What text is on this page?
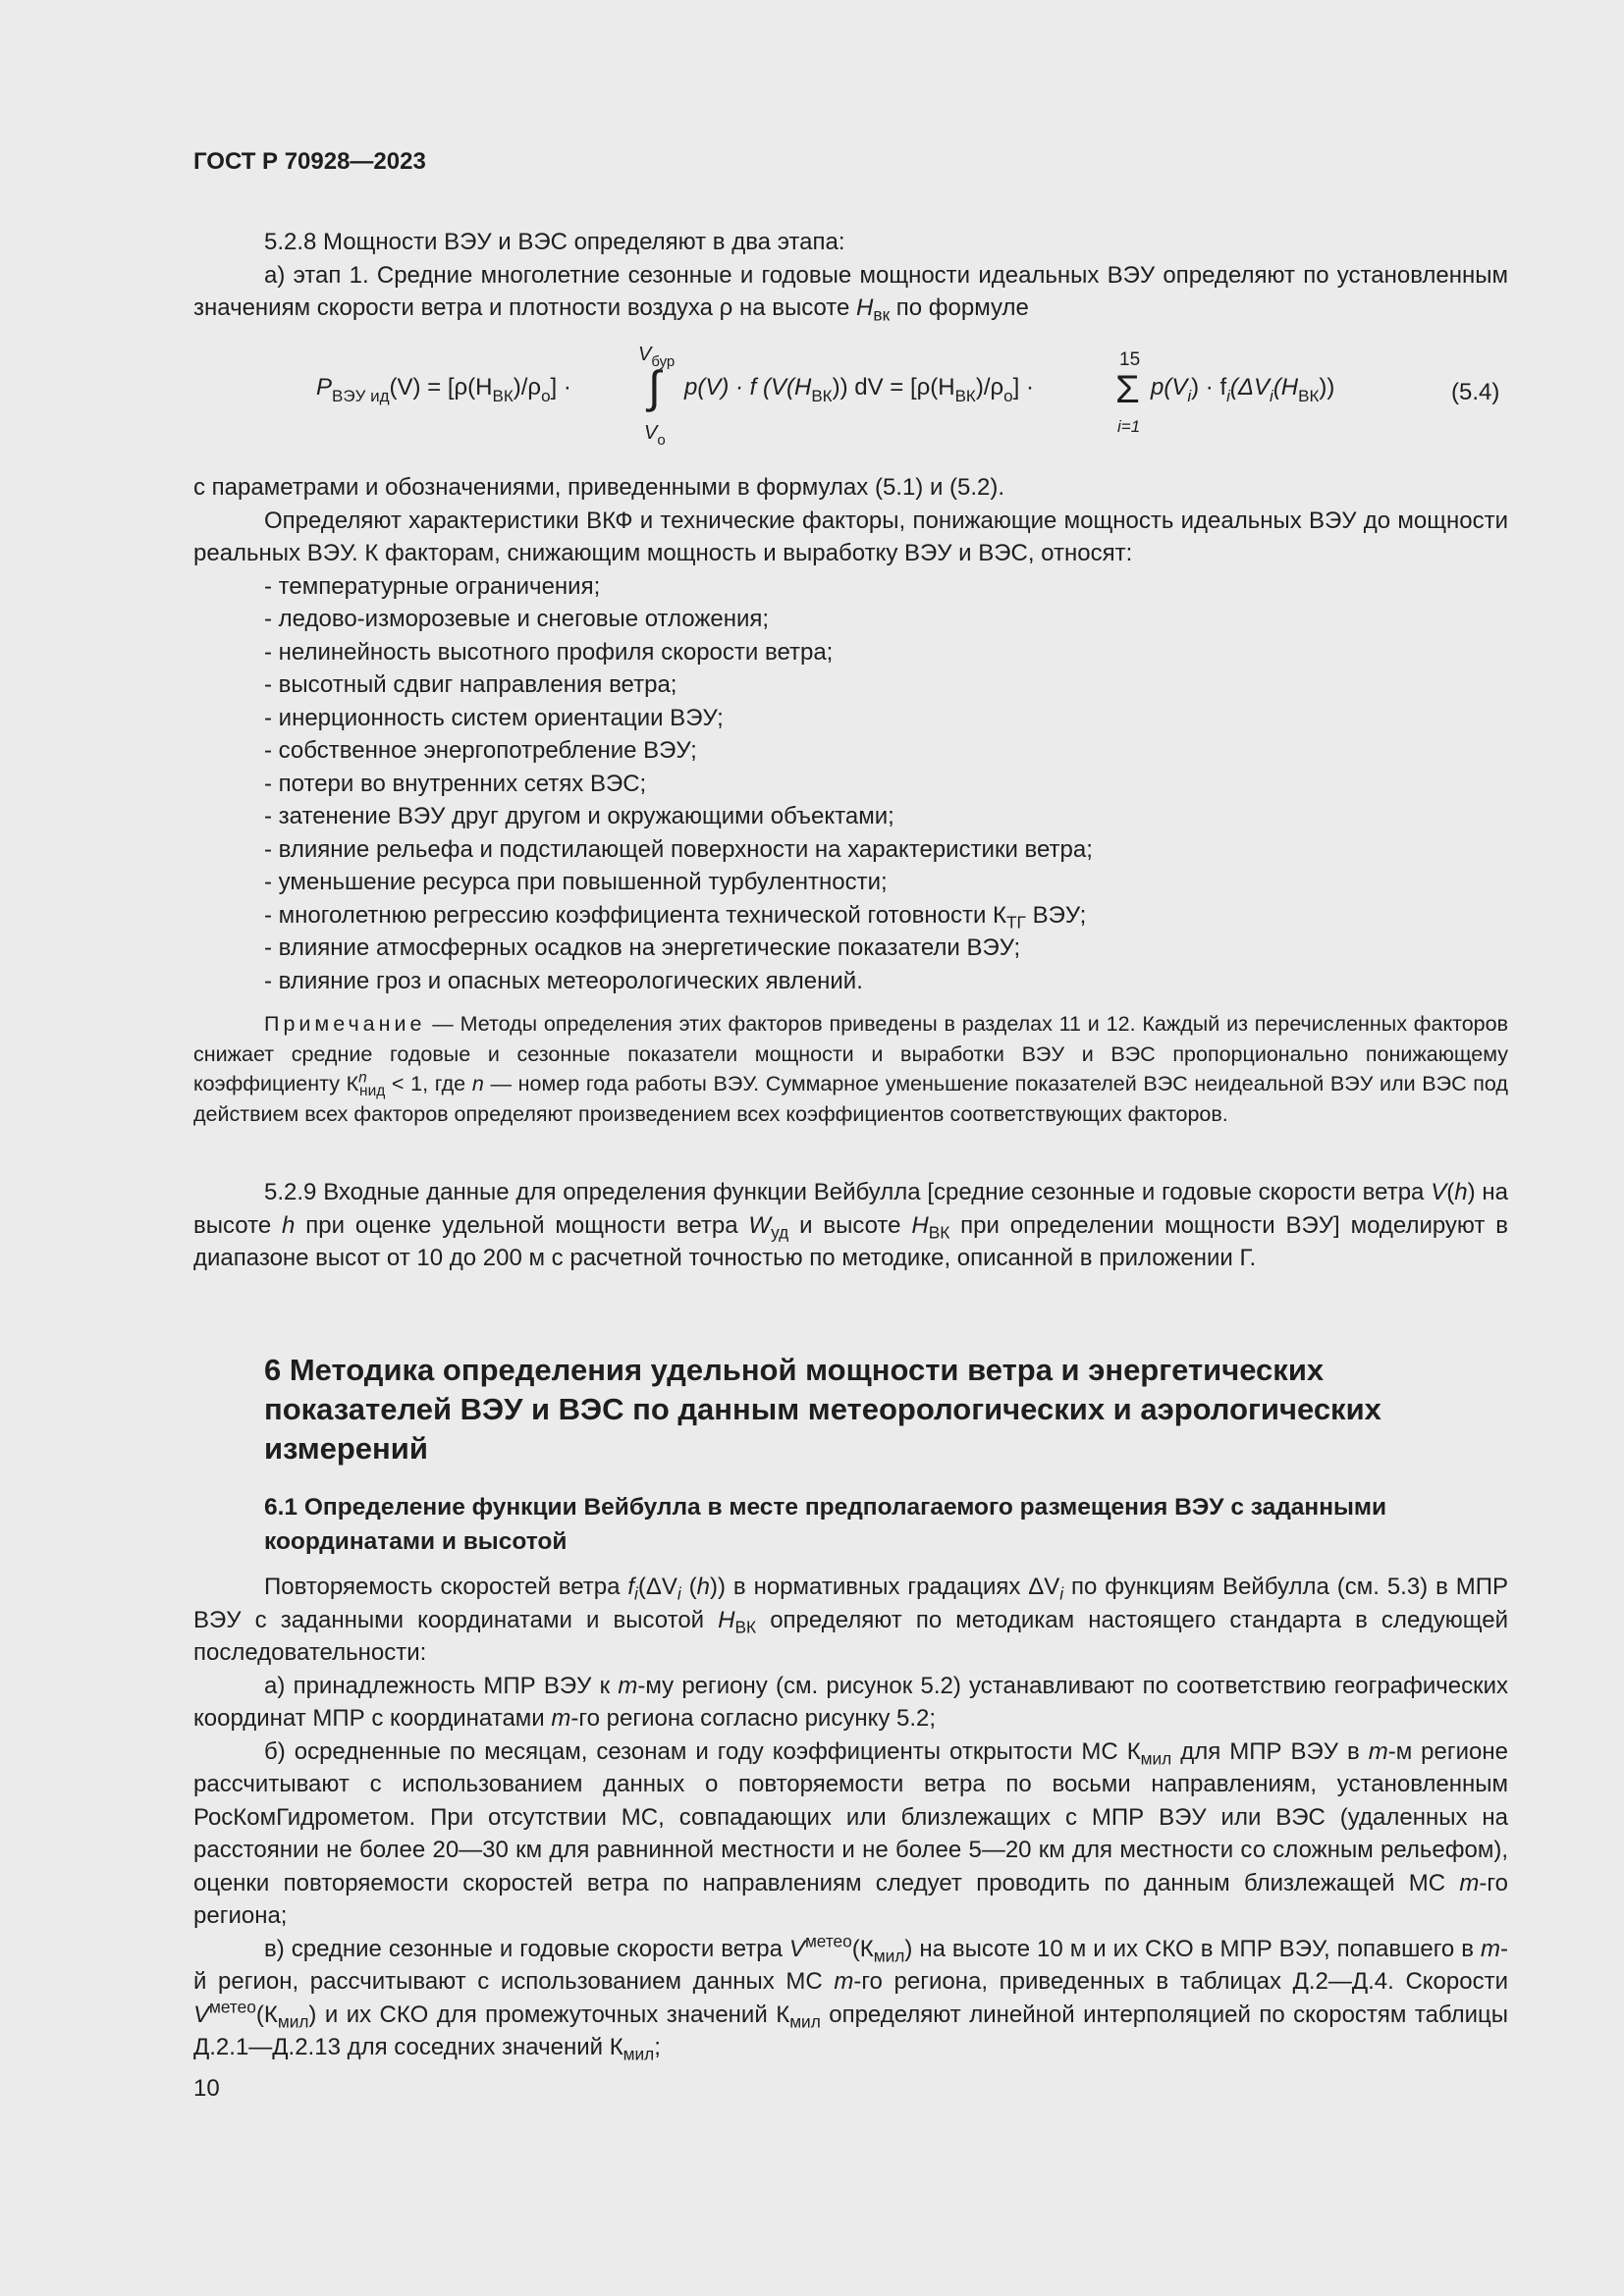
ГОСТ Р 70928—2023

5.2.8 Мощности ВЭУ и ВЭС определяют в два этапа:

а) этап 1. Средние многолетние сезонные и годовые мощности идеальных ВЭУ определяют по установленным значениям скорости ветра и плотности воздуха ρ на высоте $H_{вк}$ по формуле

$P_{ВЭУ ид}(V) = [\rho(H_{ВК})/\rho_о]$ ·
$V_{бур}$
∫
$V_о$
p(V) · f $(V(H_{ВК}))$ dV = $[\rho(H_{ВК})/\rho_о]$ ·
15
Σ
i=1
$p(V_i) \cdot f_i(\Delta V_i(H_{ВК}))$	(5.4)

с параметрами и обозначениями, приведенными в формулах (5.1) и (5.2).

Определяют характеристики ВКФ и технические факторы, понижающие мощность идеальных ВЭУ до мощности реальных ВЭУ. К факторам, снижающим мощность и выработку ВЭУ и ВЭС, относят:

- температурные ограничения;

- ледово-изморозевые и снеговые отложения;

- нелинейность высотного профиля скорости ветра;

- высотный сдвиг направления ветра;

- инерционность систем ориентации ВЭУ;

- собственное энергопотребление ВЭУ;

- потери во внутренних сетях ВЭС;

- затенение ВЭУ друг другом и окружающими объектами;

- влияние рельефа и подстилающей поверхности на характеристики ветра;

- уменьшение ресурса при повышенной турбулентности;

- многолетнюю регрессию коэффициента технической готовности $К_{ТГ}$ ВЭУ;

- влияние атмосферных осадков на энергетические показатели ВЭУ;

- влияние гроз и опасных метеорологических явлений.

Примечание — Методы определения этих факторов приведены в разделах 11 и 12. Каждый из перечисленных факторов снижает средние годовые и сезонные показатели мощности и выработки ВЭУ и ВЭС пропорционально понижающему коэффициенту $К^n_{нид} < 1$, где n — номер года работы ВЭУ. Суммарное уменьшение показателей ВЭС неидеальной ВЭУ или ВЭС под действием всех факторов определяют произведением всех коэффициентов соответствующих факторов.

5.2.9 Входные данные для определения функции Вейбулла [средние сезонные и годовые скорости ветра V(h) на высоте h при оценке удельной мощности ветра $W_{уд}$ и высоте $H_{ВК}$ при определении мощности ВЭУ] моделируют в диапазоне высот от 10 до 200 м с расчетной точностью по методике, описанной в приложении Г.

6 Методика определения удельной мощности ветра и энергетических показателей ВЭУ и ВЭС по данным метеорологических и аэрологических измерений
6.1 Определение функции Вейбулла в месте предполагаемого размещения ВЭУ с заданными координатами и высотой

Повторяемость скоростей ветра $f_i(\Delta V_i$ (h)) в нормативных градациях $\Delta V_i$ по функциям Вейбулла (см. 5.3) в МПР ВЭУ с заданными координатами и высотой $H_{ВК}$ определяют по методикам настоящего стандарта в следующей последовательности:

а) принадлежность МПР ВЭУ к m-му региону (см. рисунок 5.2) устанавливают по соответствию географических координат МПР с координатами m-го региона согласно рисунку 5.2;

б) осредненные по месяцам, сезонам и году коэффициенты открытости МС $К_{мил}$ для МПР ВЭУ в m-м регионе рассчитывают с использованием данных о повторяемости ветра по восьми направлениям, установленным РосКомГидрометом. При отсутствии МС, совпадающих или близлежащих с МПР ВЭУ или ВЭС (удаленных на расстоянии не более 20—30 км для равнинной местности и не более 5—20 км для местности со сложным рельефом), оценки повторяемости скоростей ветра по направлениям следует проводить по данным близлежащей МС m-го региона;

в) средние сезонные и годовые скорости ветра $V^{метео}(К_{мил})$ на высоте 10 м и их СКО в МПР ВЭУ, попавшего в m-й регион, рассчитывают с использованием данных МС m-го региона, приведенных в таблицах Д.2—Д.4. Скорости $V^{метео}(К_{мил})$ и их СКО для промежуточных значений $К_{мил}$ определяют линейной интерполяцией по скоростям таблицы Д.2.1—Д.2.13 для соседних значений $К_{мил}$;

10
